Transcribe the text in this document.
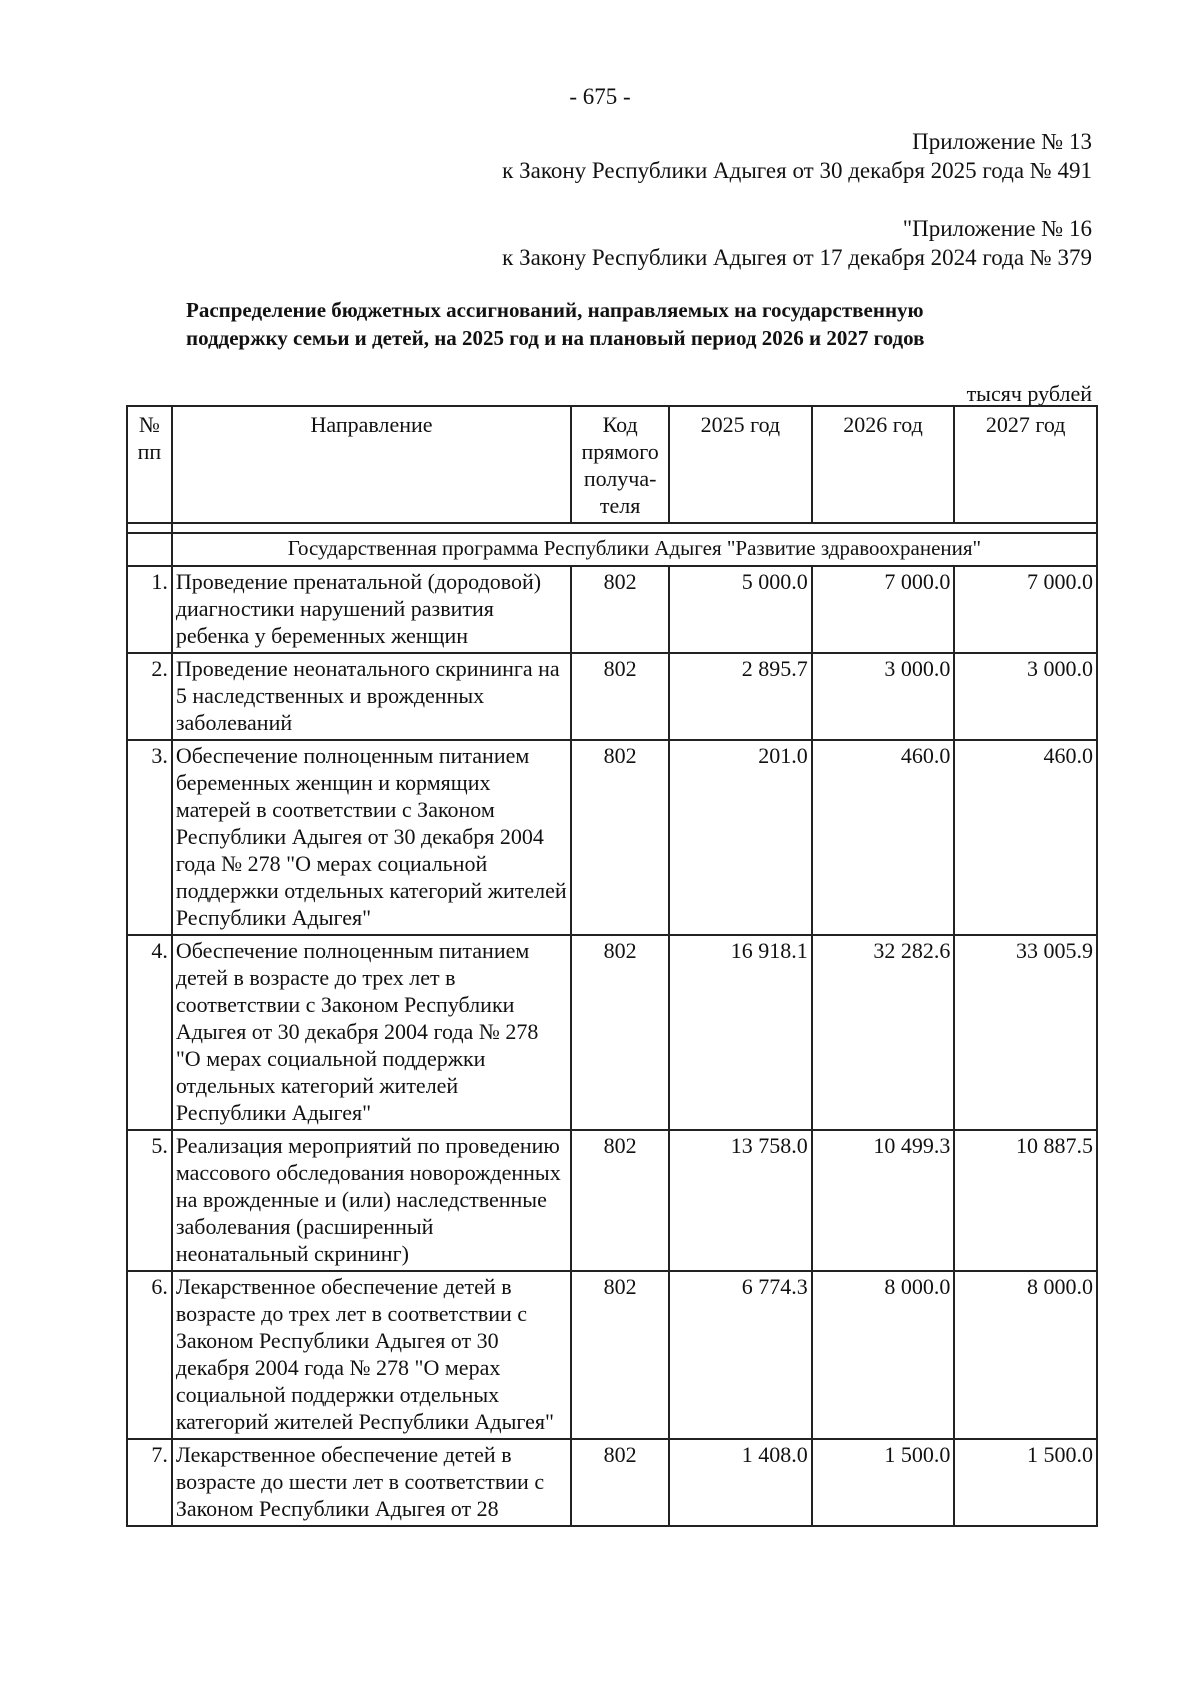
- 675 -
Приложение № 13
к Закону Республики Адыгея от 30 декабря 2025 года № 491
"Приложение № 16
к Закону Республики Адыгея от 17 декабря 2024 года № 379
Распределение бюджетных ассигнований, направляемых на государственную
поддержку семьи и детей, на 2025 год и на плановый период 2026 и 2027 годов
тысяч рублей
№ пп	Направление	Код прямого получа-теля	2025 год	2026 год	2027 год

	Государственная программа Республики Адыгея "Развитие здравоохранения"				
1.	Проведение пренатальной (дородовой) диагностики нарушений развития ребенка у беременных женщин	802	5 000.0	7 000.0	7 000.0
2.	Проведение неонатального скрининга на 5 наследственных и врожденных заболеваний	802	2 895.7	3 000.0	3 000.0
3.	Обеспечение полноценным питанием беременных женщин и кормящих матерей в соответствии с Законом Республики Адыгея от 30 декабря 2004 года № 278 "О мерах социальной поддержки отдельных категорий жителей Республики Адыгея"	802	201.0	460.0	460.0
4.	Обеспечение полноценным питанием детей в возрасте до трех лет в соответствии с Законом Республики Адыгея от 30 декабря 2004 года № 278 "О мерах социальной поддержки отдельных категорий жителей Республики Адыгея"	802	16 918.1	32 282.6	33 005.9
5.	Реализация мероприятий по проведению массового обследования новорожденных на врожденные и (или) наследственные заболевания (расширенный неонатальный скрининг)	802	13 758.0	10 499.3	10 887.5
6.	Лекарственное обеспечение детей в возрасте до трех лет в соответствии с Законом Республики Адыгея от 30 декабря 2004 года № 278 "О мерах социальной поддержки отдельных категорий жителей Республики Адыгея"	802	6 774.3	8 000.0	8 000.0
7.	Лекарственное обеспечение детей в возрасте до шести лет в соответствии с Законом Республики Адыгея от 28	802	1 408.0	1 500.0	1 500.0
